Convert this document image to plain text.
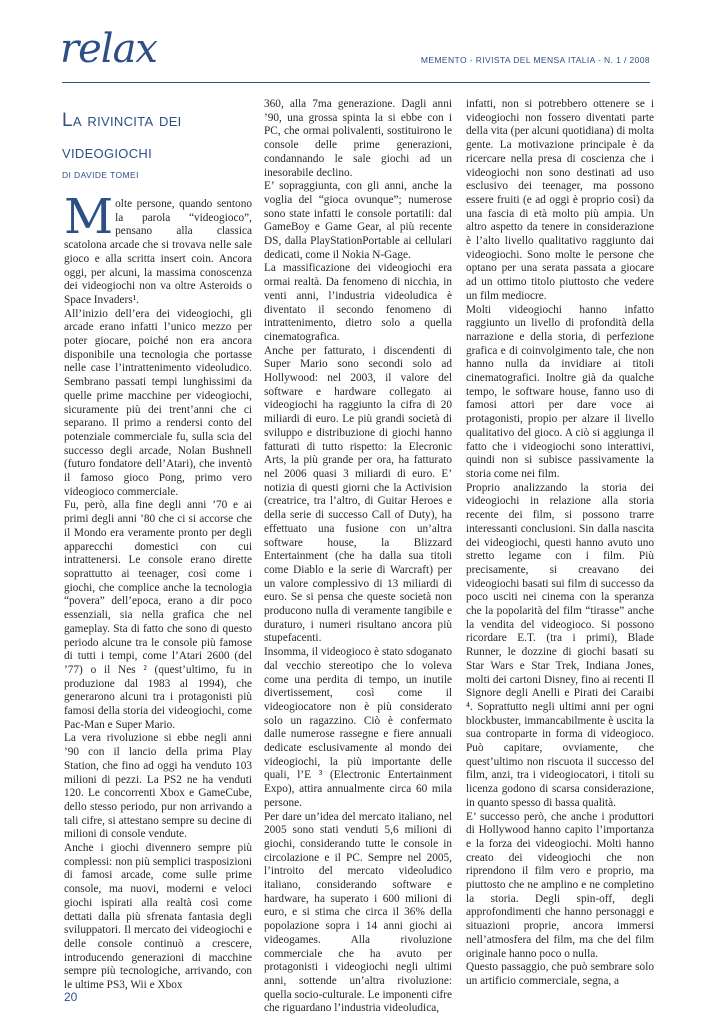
relax	MEMENTO - RIVISTA DEL MENSA ITALIA - N. 1 / 2008
La rivincita dei
videogiochi
DI DAVIDE TOMEI
M olte persone, quando sentono la parola “videogioco”, pensano alla classica scatolona arcade che si trovava nelle sale gioco e alla scritta insert coin. Ancora oggi, per alcuni, la massima conoscenza dei videogiochi non va oltre Asteroids o Space Invaders¹.

All’inizio dell’era dei videogiochi, gli arcade erano infatti l’unico mezzo per poter giocare, poiché non era ancora disponibile una tecnologia che portasse nelle case l’intrattenimento videoludico. Sembrano passati tempi lunghissimi da quelle prime macchine per videogiochi, sicuramente più dei trent’anni che ci separano. Il primo a rendersi conto del potenziale commerciale fu, sulla scia del successo degli arcade, Nolan Bushnell (futuro fondatore dell’Atari), che inventò il famoso gioco Pong, primo vero videogioco commerciale.

Fu, però, alla fine degli anni ’70 e ai primi degli anni ’80 che ci si accorse che il Mondo era veramente pronto per degli apparecchi domestici con cui intrattenersi. Le console erano dirette soprattutto ai teenager, così come i giochi, che complice anche la tecnologia “povera” dell’epoca, erano a dir poco essenziali, sia nella grafica che nel gameplay. Sta di fatto che sono di questo periodo alcune tra le console più famose di tutti i tempi, come l’Atari 2600 (del ’77) o il Nes ² (quest’ultimo, fu in produzione dal 1983 al 1994), che generarono alcuni tra i protagonisti più famosi della storia dei videogiochi, come Pac-Man e Super Mario.

La vera rivoluzione si ebbe negli anni ’90 con il lancio della prima Play Station, che fino ad oggi ha venduto 103 milioni di pezzi. La PS2 ne ha venduti 120. Le concorrenti Xbox e GameCube, dello stesso periodo, pur non arrivando a tali cifre, si attestano sempre su decine di milioni di console vendute.

Anche i giochi divennero sempre più complessi: non più semplici trasposizioni di famosi arcade, come sulle prime console, ma nuovi, moderni e veloci giochi ispirati alla realtà così come dettati dalla più sfrenata fantasia degli sviluppatori. Il mercato dei videogiochi e delle console continuò a crescere, introducendo generazioni di macchine sempre più tecnologiche, arrivando, con le ultime PS3, Wii e Xbox

360, alla 7ma generazione. Dagli anni ’90, una grossa spinta la si ebbe con i PC, che ormai polivalenti, sostituirono le console delle prime generazioni, condannando le sale giochi ad un inesorabile declino.

E’ sopraggiunta, con gli anni, anche la voglia del “gioca ovunque”; numerose sono state infatti le console portatili: dal GameBoy e Game Gear, al più recente DS, dalla PlayStationPortable ai cellulari dedicati, come il Nokia N-Gage.

La massificazione dei videogiochi era ormai realtà. Da fenomeno di nicchia, in venti anni, l’industria videoludica è diventato il secondo fenomeno di intrattenimento, dietro solo a quella cinematografica.

Anche per fatturato, i discendenti di Super Mario sono secondi solo ad Hollywood: nel 2003, il valore del software e hardware collegato ai videogiochi ha raggiunto la cifra di 20 miliardi di euro. Le più grandi società di sviluppo e distribuzione di giochi hanno fatturati di tutto rispetto: la Elecronic Arts, la più grande per ora, ha fatturato nel 2006 quasi 3 miliardi di euro. E’ notizia di questi giorni che la Activision (creatrice, tra l’altro, di Guitar Heroes e della serie di successo Call of Duty), ha effettuato una fusione con un’altra software house, la Blizzard Entertainment (che ha dalla sua titoli come Diablo e la serie di Warcraft) per un valore complessivo di 13 miliardi di euro. Se si pensa che queste società non producono nulla di veramente tangibile e duraturo, i numeri risultano ancora più stupefacenti.

Insomma, il videogioco è stato sdoganato dal vecchio stereotipo che lo voleva come una perdita di tempo, un inutile divertissement, così come il videogiocatore non è più considerato solo un ragazzino. Ciò è confermato dalle numerose rassegne e fiere annuali dedicate esclusivamente al mondo dei videogiochi, la più importante delle quali, l’E ³ (Electronic Entertainment Expo), attira annualmente circa 60 mila persone.

Per dare un’idea del mercato italiano, nel 2005 sono stati venduti 5,6 milioni di giochi, considerando tutte le console in circolazione e il PC. Sempre nel 2005, l’introito del mercato videoludico italiano, considerando software e hardware, ha superato i 600 milioni di euro, e si stima che circa il 36% della popolazione sopra i 14 anni giochi ai videogames. Alla rivoluzione commerciale che ha avuto per protagonisti i videogiochi negli ultimi anni, sottende un’altra rivoluzione: quella socio-culturale. Le imponenti cifre che riguardano l’industria videoludica,

infatti, non si potrebbero ottenere se i videogiochi non fossero diventati parte della vita (per alcuni quotidiana) di molta gente. La motivazione principale è da ricercare nella presa di coscienza che i videogiochi non sono destinati ad uso esclusivo dei teenager, ma possono essere fruiti (e ad oggi è proprio così) da una fascia di età molto più ampia. Un altro aspetto da tenere in considerazione è l’alto livello qualitativo raggiunto dai videogiochi. Sono molte le persone che optano per una serata passata a giocare ad un ottimo titolo piuttosto che vedere un film mediocre.

Molti videogiochi hanno infatto raggiunto un livello di profondità della narrazione e della storia, di perfezione grafica e di coinvolgimento tale, che non hanno nulla da invidiare ai titoli cinematografici. Inoltre già da qualche tempo, le software house, fanno uso di famosi attori per dare voce ai protagonisti, propio per alzare il livello qualitativo del gioco. A ciò si aggiunga il fatto che i videogiochi sono interattivi, quindi non si subisce passivamente la storia come nei film.

Proprio analizzando la storia dei videogiochi in relazione alla storia recente dei film, si possono trarre interessanti conclusioni. Sin dalla nascita dei videogiochi, questi hanno avuto uno stretto legame con i film. Più precisamente, si creavano dei videogiochi basati sui film di successo da poco usciti nei cinema con la speranza che la popolarità del film “tirasse” anche la vendita del videogioco. Si possono ricordare E.T. (tra i primi), Blade Runner, le dozzine di giochi basati su Star Wars e Star Trek, Indiana Jones, molti dei cartoni Disney, fino ai recenti Il Signore degli Anelli e Pirati dei Caraibi ⁴. Soprattutto negli ultimi anni per ogni blockbuster, immancabilmente è uscita la sua controparte in forma di videogioco. Può capitare, ovviamente, che quest’ultimo non riscuota il successo del film, anzi, tra i videogiocatori, i titoli su licenza godono di scarsa considerazione, in quanto spesso di bassa qualità.

E’ successo però, che anche i produttori di Hollywood hanno capito l’importanza e la forza dei videogiochi. Molti hanno creato dei videogiochi che non riprendono il film vero e proprio, ma piuttosto che ne amplino e ne completino la storia. Degli spin-off, degli approfondimenti che hanno personaggi e situazioni proprie, ancora immersi nell’atmosfera del film, ma che del film originale hanno poco o nulla.

Questo passaggio, che può sembrare solo un artificio commerciale, segna, a

20
